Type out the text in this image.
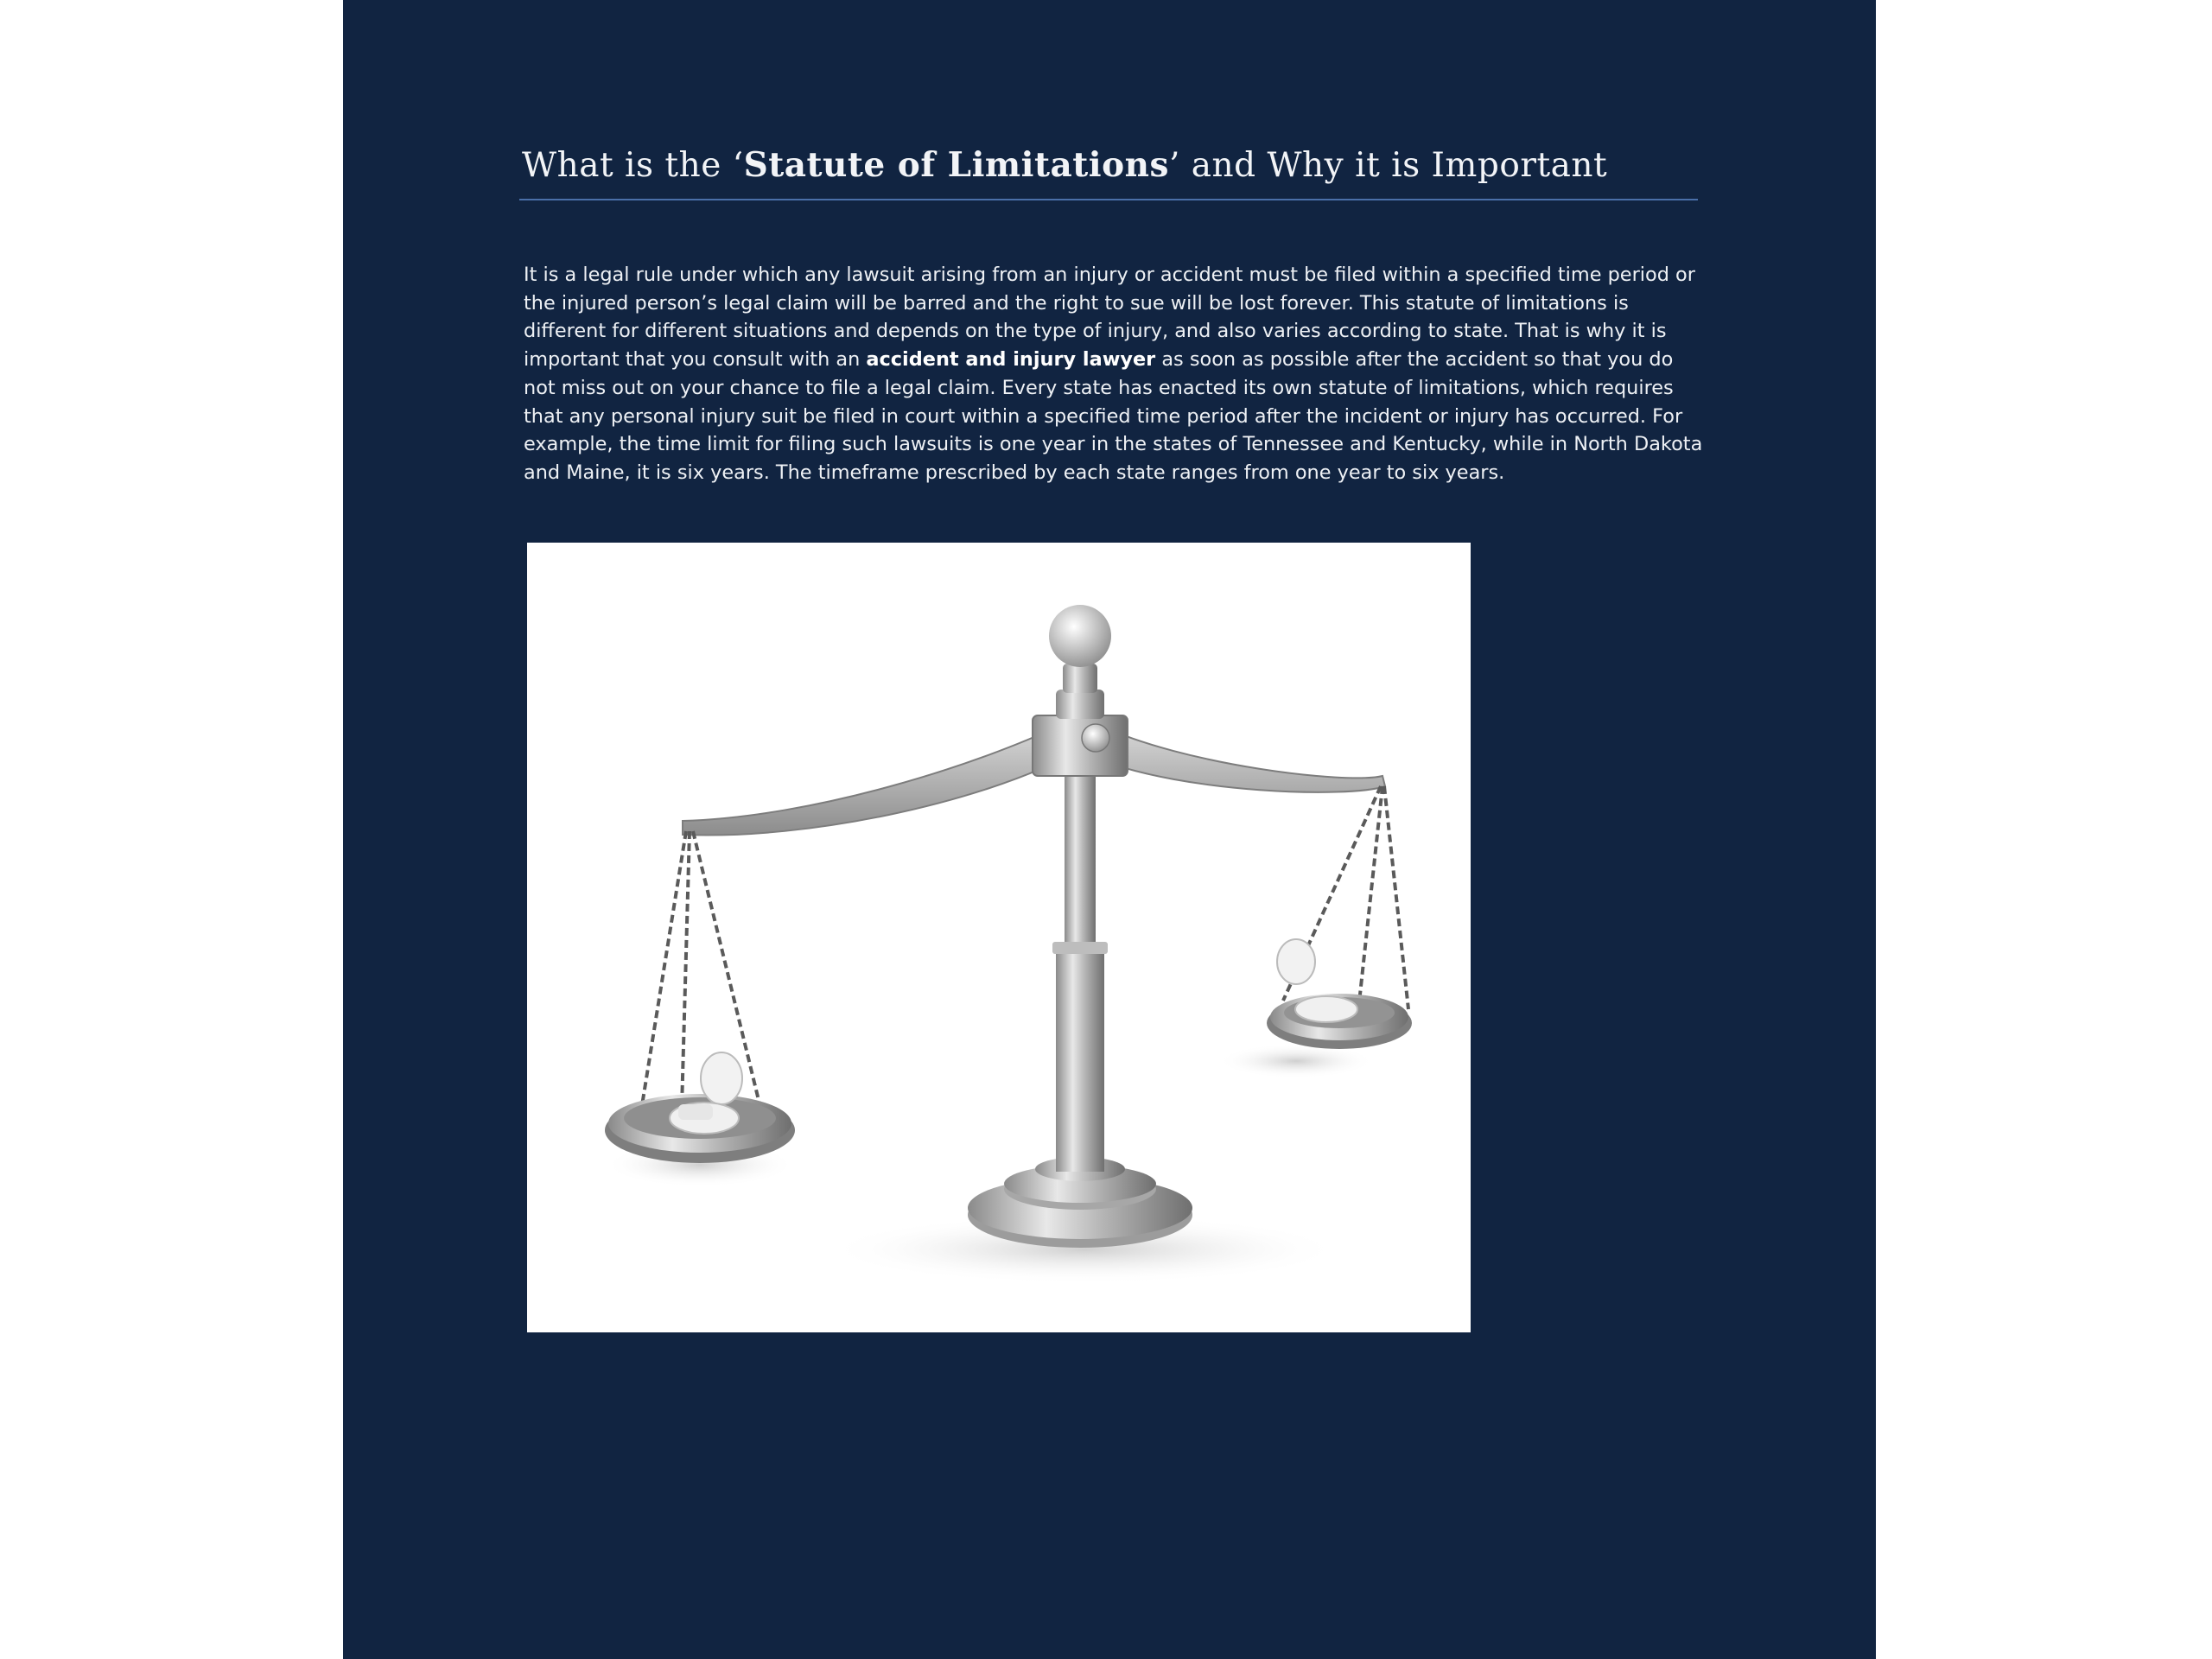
What is the ‘Statute of Limitations’ and Why it is Important

It is a legal rule under which any lawsuit arising from an injury or accident must be filed within a specified time period or the injured person’s legal claim will be barred and the right to sue will be lost forever. This statute of limitations is different for different situations and depends on the type of injury, and also varies according to state. That is why it is important that you consult with an accident and injury lawyer as soon as possible after the accident so that you do not miss out on your chance to file a legal claim. Every state has enacted its own statute of limitations, which requires that any personal injury suit be filed in court within a specified time period after the incident or injury has occurred. For example, the time limit for filing such lawsuits is one year in the states of Tennessee and Kentucky, while in North Dakota and Maine, it is six years. The timeframe prescribed by each state ranges from one year to six years.
